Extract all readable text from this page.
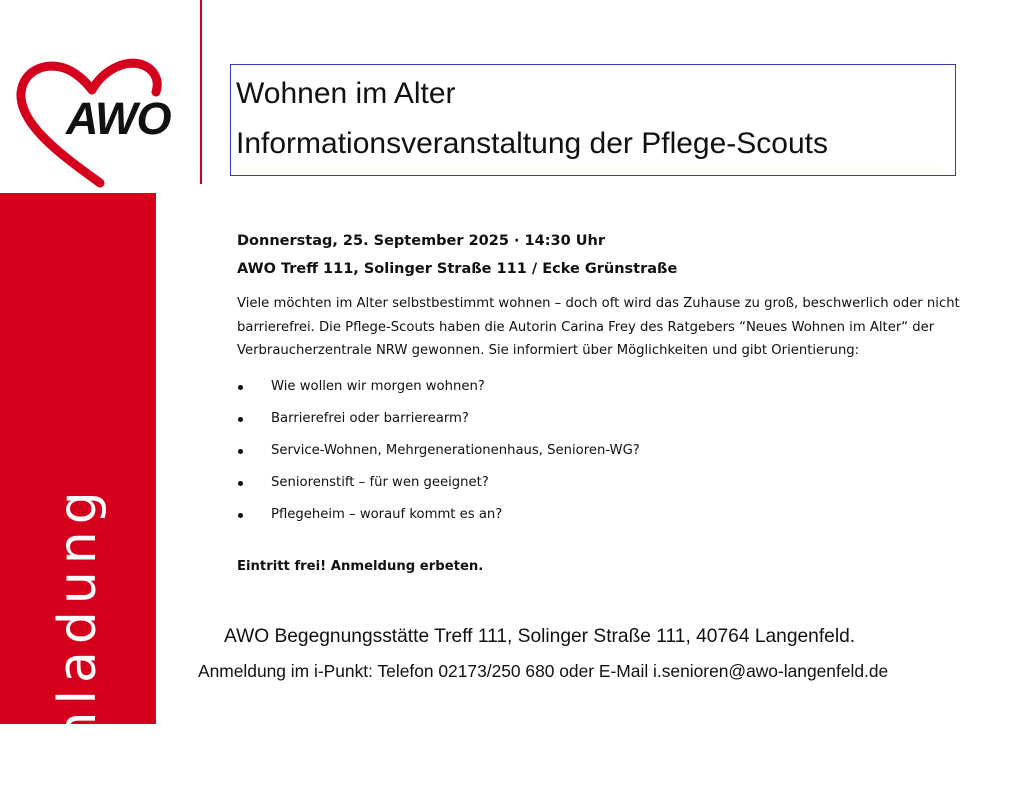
AWO
Einladung

Wohnen im Alter

Informationsveranstaltung der Pflege-Scouts

Donnerstag, 25. September 2025 · 14:30 Uhr

AWO Treff 111, Solinger Straße 111 / Ecke Grünstraße

Viele möchten im Alter selbstbestimmt wohnen – doch oft wird das Zuhause zu groß, beschwerlich oder nicht barrierefrei. Die Pflege-Scouts haben die Autorin Carina Frey des Ratgebers “Neues Wohnen im Alter“ der Verbraucherzentrale NRW gewonnen. Sie informiert über Möglichkeiten und gibt Orientierung:

Wie wollen wir morgen wohnen?
Barrierefrei oder barrierearm?
Service-Wohnen, Mehrgenerationenhaus, Senioren-WG?
Seniorenstift – für wen geeignet?
Pflegeheim – worauf kommt es an?

Eintritt frei! Anmeldung erbeten.

AWO Begegnungsstätte Treff 111, Solinger Straße 111, 40764 Langenfeld.
Anmeldung im i-Punkt: Telefon 02173/250 680 oder E-Mail i.senioren@awo-langenfeld.de
